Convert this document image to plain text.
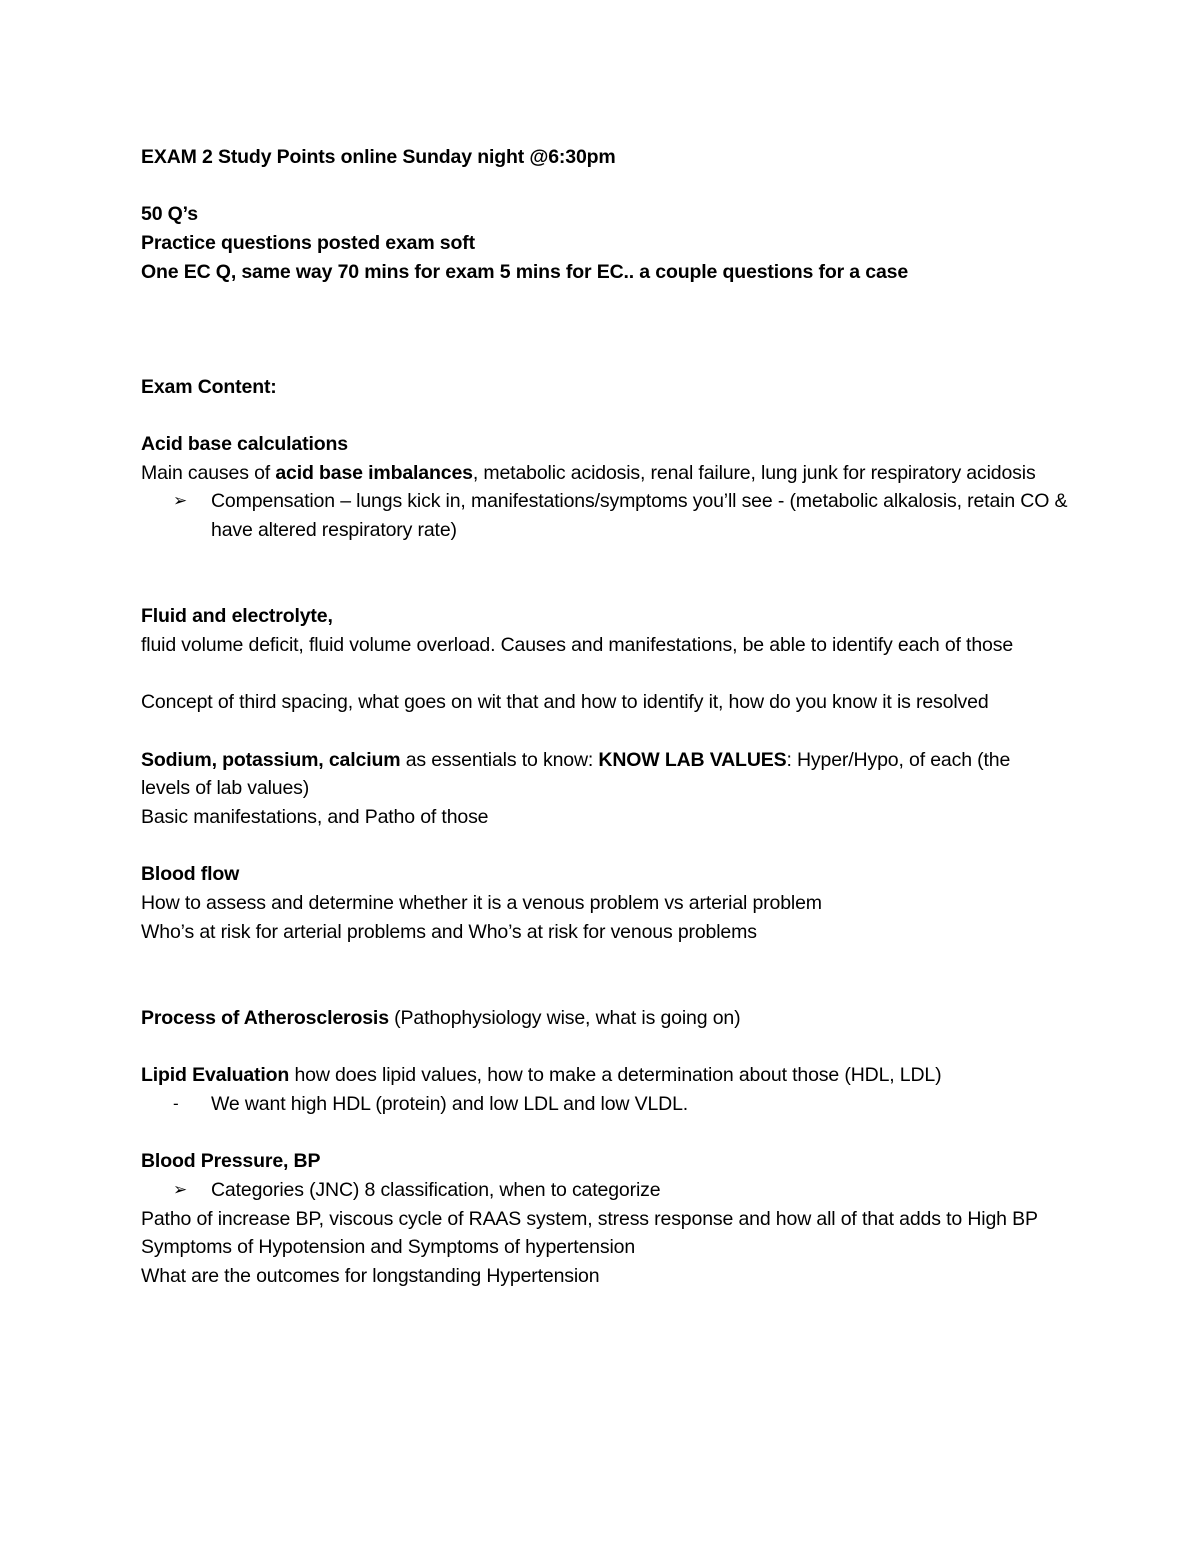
EXAM 2 Study Points online Sunday night @6:30pm
50 Q’s
Practice questions posted exam soft
One EC Q, same way 70 mins for exam 5 mins for EC.. a couple questions for a case
Exam Content:
Acid base calculations
Main causes of acid base imbalances, metabolic acidosis, renal failure, lung junk for respiratory acidosis
➢	Compensation – lungs kick in, manifestations/symptoms you’ll see - (metabolic alkalosis, retain CO & have altered respiratory rate)
Fluid and electrolyte,
fluid volume deficit, fluid volume overload. Causes and manifestations, be able to identify each of those
Concept of third spacing, what goes on wit that and how to identify it, how do you know it is resolved
Sodium, potassium, calcium as essentials to know: KNOW LAB VALUES: Hyper/Hypo, of each (the levels of lab values)
Basic manifestations, and Patho of those
Blood flow
How to assess and determine whether it is a venous problem vs arterial problem
Who’s at risk for arterial problems and Who’s at risk for venous problems
Process of Atherosclerosis (Pathophysiology wise, what is going on)
Lipid Evaluation how does lipid values, how to make a determination about those (HDL, LDL)
-	We want high HDL (protein) and low LDL and low VLDL.
Blood Pressure, BP
➢	Categories (JNC) 8 classification, when to categorize
Patho of increase BP, viscous cycle of RAAS system, stress response and how all of that adds to High BP
Symptoms of Hypotension and Symptoms of hypertension
What are the outcomes for longstanding Hypertension
